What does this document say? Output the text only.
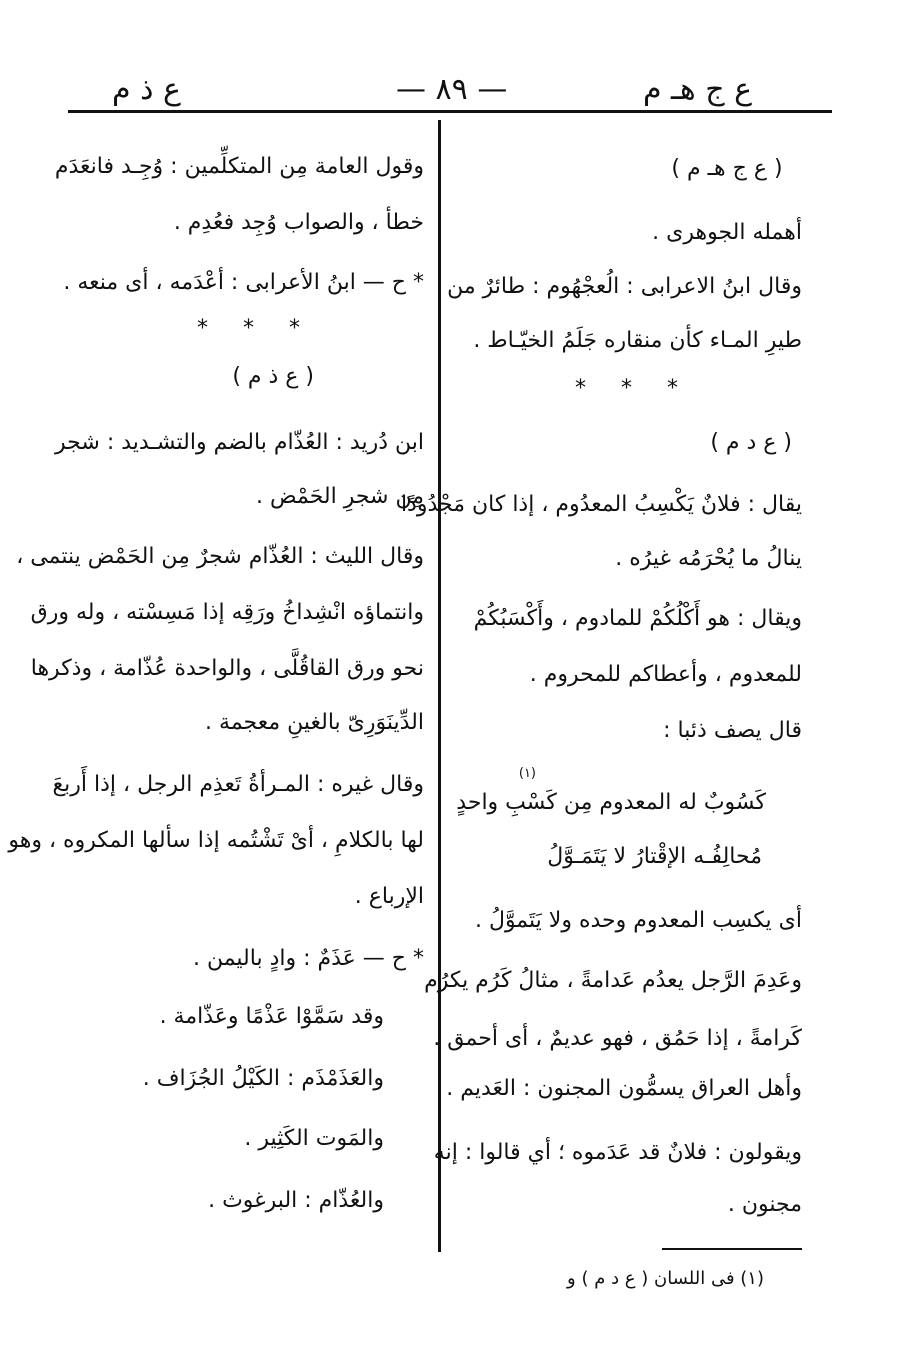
ع ج هـ م
— ٨٩ —
ع ذ م

( ع ج هـ م )

أهمله الجوهرى .

وقال ابنُ الاعرابى : الُعجْهُوم : طائرٌ من

طيرِ المـاء كأن منقاره جَلَمُ الخيّـاط .

* * *

( ع د م )

يقال : فلانٌ يَكْسِبُ المعدُوم ، إذا كان مَجْدُودًا

ينالُ ما يُحْرَمُه غيرُه .

ويقال : هو أَكْلُكُمْ للمادوم ، وأَكْسَبُكُمْ

للمعدوم ، وأعطاكم للمحروم .

قال يصف ذئبا :

كَسُوبٌ له المعدوم مِن كَسْبِ واحدٍ

(١)

مُحالِفُـه الإقْتارُ لا يَتَمَـوَّلُ

أى يكسِب المعدوم وحده ولا يَتَموَّلُ .

وعَدِمَ الرَّجل يعدُم عَدامةً ، مثالُ كَرُم يكرُم

كَرامةً ، إذا حَمُق ، فهو عديمٌ ، أى أحمق .

وأهل العراق يسمُّون المجنون : العَديم .

ويقولون : فلانٌ قد عَدَموه ؛ أي قالوا : إنه

مجنون .

وقول العامة مِن المتكلِّمين : وُجِـد فانعَدَم

خطأ ، والصواب وُجِد فعُدِم .

* ح — ابنُ الأعرابى : أعْدَمه ، أى منعه .

* * *

( ع ذ م )

ابن دُريد : العُذّام بالضم والتشـديد : شجر

مِن شجرِ الحَمْض .

وقال الليث : العُذّام شجرٌ مِن الحَمْض ينتمى ،

وانتماؤه انْشِداخُ ورَقِه إذا مَسِسْته ، وله ورق

نحو ورق القاقُلَّى ، والواحدة عُذّامة ، وذكرها

الدِّينَوَرِىّ بالغينِ معجمة .

وقال غيره : المـرأةُ تَعذِم الرجل ، إذا أَربعَ

لها بالكلامِ ، أىْ تَشْتُمه إذا سألها المكروه ، وهو

الإرباع .

* ح — عَذَمٌ : وادٍ باليمن .

وقد سَمَّوْا عَذْمًا وعَذّامة .

والعَذَمْذَم : الكَيْلُ الجُزَاف .

والمَوت الكَثِير .

والعُذّام : البرغوث .

(١) فى اللسان ( ع د م ) و
